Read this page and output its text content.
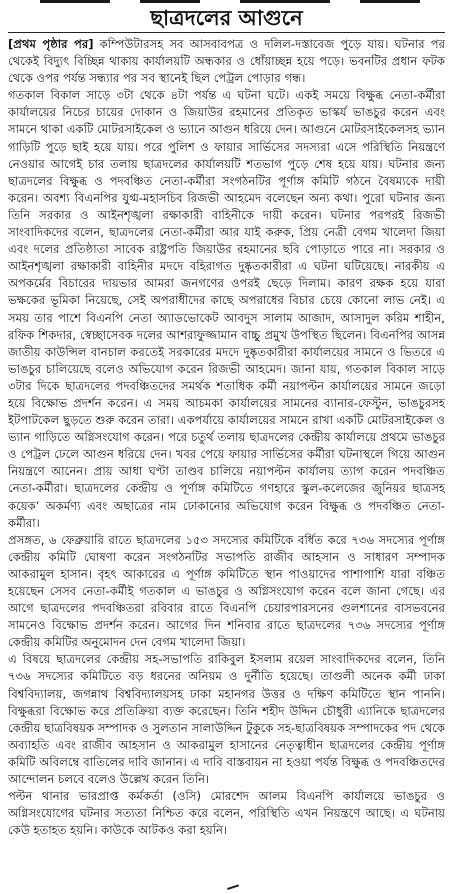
ছাত্রদলের আগুনে

[প্রথম পৃষ্ঠার পর] কম্পিউটারসহ সব আসবাবপত্র ও দলিল-দস্তাবেজ পুড়ে যায়। ঘটনার পর থেকেই বিদ্যুৎ বিচ্ছিন্ন থাকায় কার্যালয়টি অন্ধকার ও ধোঁয়াচ্ছন্ন হয়ে পড়ে। ভবনটির প্রধান ফটক থেকে ওপর পর্যন্ত সন্ধ্যার পর সব স্থানেই ছিল পেট্রল পোড়ার গন্ধ।

গতকাল বিকাল সাড়ে ৩টা থেকে ৪টা পর্যন্ত এ ঘটনা ঘটে। একই সময়ে বিক্ষুব্ধ নেতা-কর্মীরা কার্যালয়ের নিচের চায়ের দোকান ও জিয়াউর রহমানের প্রতিকৃত ভাস্কর্য ভাঙচুর করেন এবং সামনে থাকা একটি মোটরসাইকেল ও ভ্যানে আগুন ধরিয়ে দেন। আগুনে মোটরসাইকেলসহ ভ্যান গাড়িটি পুড়ে ছাই হয়ে যায়। পরে পুলিশ ও ফায়ার সার্ভিসের সদস্যরা এসে পরিস্থিতি নিয়ন্ত্রণে নেওয়ার আগেই চার তলায় ছাত্রদলের কার্যালয়টি শতভাগ পুড়ে শেষ হয়ে যায়। ঘটনার জন্য ছাত্রদলের বিক্ষুব্ধ ও পদবঞ্চিত নেতা-কর্মীরা সংগঠনটির পূর্ণাঙ্গ কমিটি গঠনে বৈষম্যকে দায়ী করেন। অবশ্য বিএনপির যুগ্ম-মহাসচিব রিজভী আহমেদ বলেছেন অন্য কথা। পুরো ঘটনার জন্য তিনি সরকার ও আইনশৃঙ্খলা রক্ষাকারী বাহিনীকে দায়ী করেন। ঘটনার পরপরই রিজভী সাংবাদিকদের বলেন, ছাত্রদলের নেতা-কর্মীরা আর যাই করুক, প্রিয় নেত্রী বেগম খালেদা জিয়া এবং দলের প্রতিষ্ঠাতা সাবেক রাষ্ট্রপতি জিয়াউর রহমানের ছবি পোড়াতে পারে না। সরকার ও আইনশৃঙ্খলা রক্ষাকারী বাহিনীর মদদে বহিরাগত দুষ্কৃতকারীরা এ ঘটনা ঘটিয়েছে। নারকীয় এ অপকর্মের বিচারের দায়ভার আমরা জনগণের ওপরই ছেড়ে দিলাম। কারণ রক্ষক হয়ে যারা ভক্ষকের ভূমিকা নিয়েছে, সেই অপরাধীদের কাছে অপরাধের বিচার চেয়ে কোনো লাভ নেই। এ সময় তার পাশে বিএনপি নেতা অ্যাডভোকেট আবদুস সালাম আজাদ, আসাদুল করিম শাহীন, রফিক শিকদার, স্বেচ্ছাসেবক দলের আশরাফুজ্জামান বাচ্চু প্রমুখ উপস্থিত ছিলেন। বিএনপির আসন্ন জাতীয় কাউন্সিল বানচাল করতেই সরকারের মদদে দুষ্কৃতকারীরা কার্যালয়ের সামনে ও ভিতরে এ ভাঙচুর চালিয়েছে বলেও অভিযোগ করেন রিজভী আহমেদ। জানা যায়, গতকাল বিকাল সাড়ে ৩টার দিকে ছাত্রদলের পদবঞ্চিতদের সমর্থক শতাধিক কর্মী নয়াপল্টন কার্যালয়ের সামনে জড়ো হয়ে বিক্ষোভ প্রদর্শন করেন। এ সময় আচমকা কার্যালয়ের সামনের ব্যানার-ফেস্টুন, ভাঙচুরসহ ইটপাটকেল ছুড়তে শুরু করেন তারা। একপর্যায়ে কার্যালয়ের সামনে রাখা একটি মোটরসাইকেল ও ভ্যান গাড়িতে অগ্নিসংযোগ করেন। পরে চতুর্থ তলায় ছাত্রদলের কেন্দ্রীয় কার্যালয়ে প্রথমে ভাঙচুর ও পেট্রল ঢেলে আগুন ধরিয়ে দেন। খবর পেয়ে ফায়ার সার্ভিসের কর্মীরা ঘটনাস্থলে গিয়ে আগুন নিয়ন্ত্রণে আনেন। প্রায় আধা ঘণ্টা তাণ্ডব চালিয়ে নয়াপল্টন কার্যালয় ত্যাগ করেন পদবঞ্চিত নেতা-কর্মীরা। ছাত্রদলের কেন্দ্রীয় ও পূর্ণাঙ্গ কমিটিতে গণহারে স্কুল-কলেজের জুনিয়র ছাত্রসহ কয়েক’ অকর্মণ্য এবং অছাত্রের নাম ঢোকানোর অভিযোগ করেন বিক্ষুব্ধ ও পদবঞ্চিত নেতা-কর্মীরা।

প্রসঙ্গত, ৬ ফেব্রুয়ারি রাতে ছাত্রদলের ১৫৩ সদস্যের কমিটিকে বর্ধিত করে ৭৩৬ সদস্যের পূর্ণাঙ্গ কেন্দ্রীয় কমিটি ঘোষণা করেন সংগঠনটির সভাপতি রাজীব আহসান ও সাধারণ সম্পাদক আকরামুল হাসান। বৃহৎ আকারের এ পূর্ণাঙ্গ কমিটিতে স্থান পাওয়াদের পাশাপাশি যারা বঞ্চিত হয়েছেন সেসব নেতা-কর্মীই গতকাল এ ভাঙচুর ও অগ্নিসংযোগ করেন বলে জানা গেছে। এর আগে ছাত্রদলের পদবঞ্চিতরা রবিবার রাতে বিএনপি চেয়ারপারসনের গুলশানের বাসভবনের সামনেও বিক্ষোভ প্রদর্শন করেন। আগের দিন শনিবার রাতে ছাত্রদলের ৭৩৬ সদস্যের পূর্ণাঙ্গ কেন্দ্রীয় কমিটির অনুমোদন দেন বেগম খালেদা জিয়া।

এ বিষয়ে ছাত্রদলের কেন্দ্রীয় সহ-সভাপতি রাকিবুল ইসলাম রয়েল সাংবাদিকদের বলেন, তিনি ৭৩৬ সদস্যের কমিটিতে বড় ধরনের অনিয়ম ও দুর্নীতি হয়েছে। তাগুলী অনেক কর্মী ঢাকা বিশ্ববিদ্যালয়, জগন্নাথ বিশ্ববিদ্যালয়সহ ঢাকা মহানগর উত্তর ও দক্ষিণ কমিটিতে স্থান পাননি। বিক্ষুব্ধরা বিক্ষোভ করে প্রতিক্রিয়া ব্যক্ত করেছেন। তিনি শহীদ উদ্দিন চৌধুরী এ্যানিকে ছাত্রদলের কেন্দ্রীয় ছাত্রবিষয়ক সম্পাদক ও সুলতান সালাউদ্দিন টুকুকে সহ-ছাত্রবিষয়ক সম্পাদকের পদ থেকে অব্যাহতি এবং রাজীব আহসান ও আকরামুল হাসানের নেতৃত্বাধীন ছাত্রদলের কেন্দ্রীয় পূর্ণাঙ্গ কমিটি অবিলম্বে বাতিলের দাবি জানান। এ দাবি বাস্তবায়ন না হওয়া পর্যন্ত বিক্ষুব্ধ ও পদবঞ্চিতদের আন্দোলন চলবে বলেও উল্লেখ করেন তিনি।

পল্টন থানার ভারপ্রাপ্ত কর্মকর্তা (ওসি) মোরশেদ আলম বিএনপি কার্যালয়ে ভাঙচুর ও অগ্নিসংযোগের ঘটনার সত্যতা নিশ্চিত করে বলেন, পরিস্থিতি এখন নিয়ন্ত্রণে আছে। এ ঘটনায় কেউ হতাহত হয়নি। কাউকে আটকও করা হয়নি।
